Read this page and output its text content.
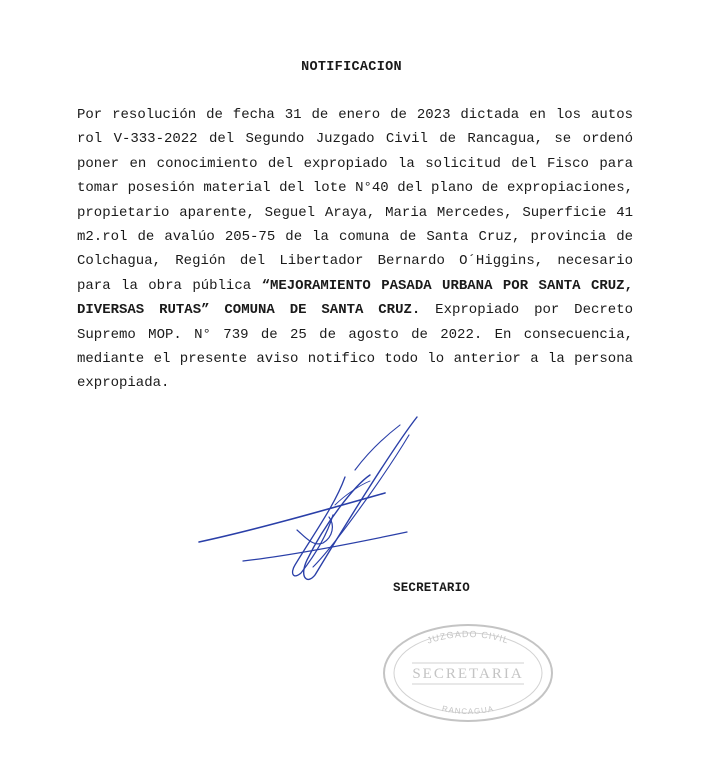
NOTIFICACION

Por resolución de fecha 31 de enero de 2023 dictada en los autos rol V-333-2022 del Segundo Juzgado Civil de Rancagua, se ordenó poner en conocimiento del expropiado la solicitud del Fisco para tomar posesión material del lote N°40 del plano de expropiaciones, propietario aparente, Seguel Araya, Maria Mercedes, Superficie 41 m2.rol de avalúo 205-75 de la comuna de Santa Cruz, provincia de Colchagua, Región del Libertador Bernardo O´Higgins, necesario para la obra pública “MEJORAMIENTO PASADA URBANA POR SANTA CRUZ, DIVERSAS RUTAS” COMUNA DE SANTA CRUZ. Expropiado por Decreto Supremo MOP. N° 739 de 25 de agosto de 2022. En consecuencia, mediante el presente aviso notifico todo lo anterior a la persona expropiada.

SECRETARIO
JUZGADO CIVIL
SECRETARIA
RANCAGUA
